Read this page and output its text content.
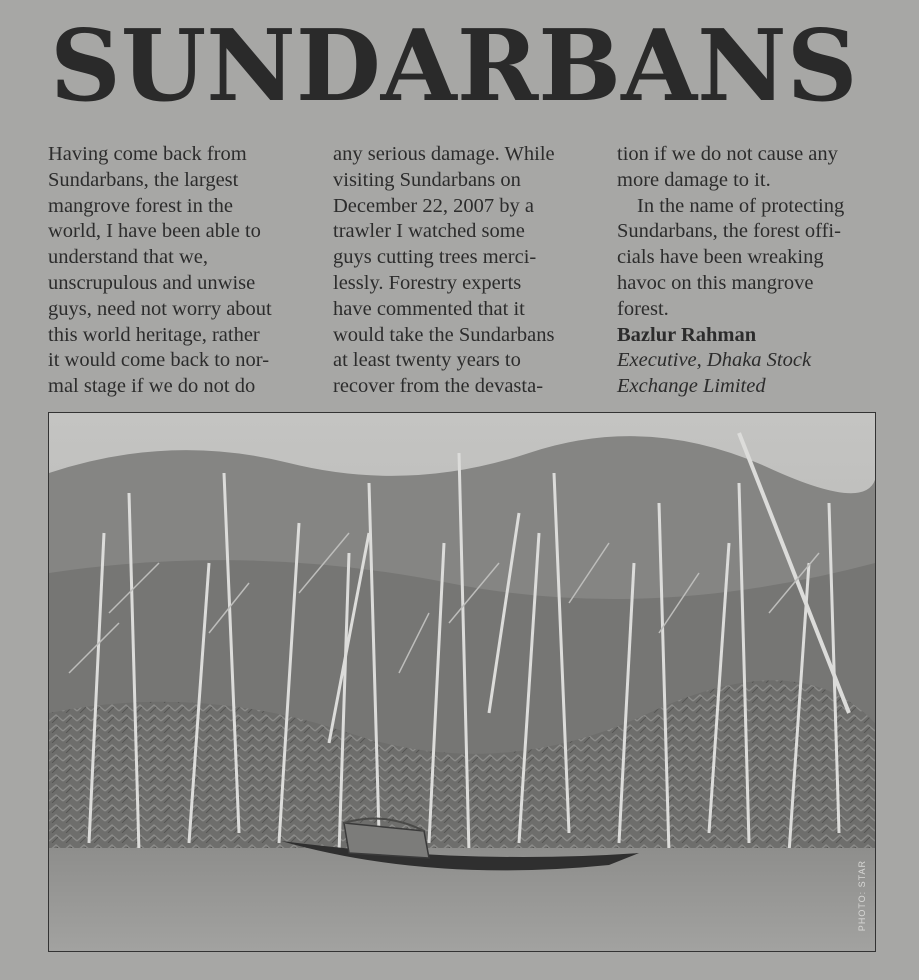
SUNDARBANS

Having come back from
Sundarbans, the largest
mangrove forest in the
world, I have been able to
understand that we,
unscrupulous and unwise
guys, need not worry about
this world heritage, rather
it would come back to nor-
mal stage if we do not do

any serious damage. While
visiting Sundarbans on
December 22, 2007 by a
trawler I watched some
guys cutting trees merci-
lessly. Forestry experts
have commented that it
would take the Sundarbans
at least twenty years to
recover from the devasta-

tion if we do not cause any
more damage to it.

In the name of protecting
Sundarbans, the forest offi-
cials have been wreaking
havoc on this mangrove
forest.

Bazlur Rahman
Executive, Dhaka Stock
Exchange Limited
PHOTO: STAR
